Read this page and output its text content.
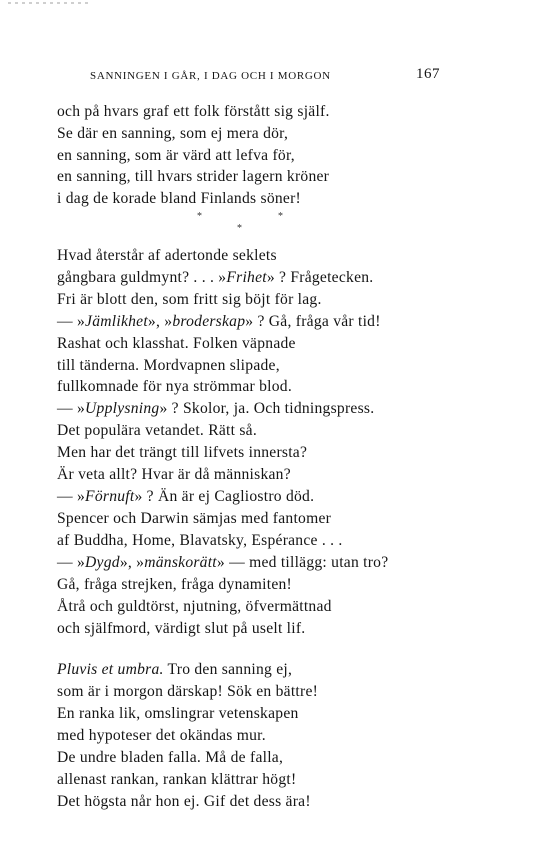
SANNINGEN I GÅR, I DAG OCH I MORGON	167
och på hvars graf ett folk förstått sig själf.
Se där en sanning, som ej mera dör,
en sanning, som är värd att lefva för,
en sanning, till hvars strider lagern kröner
i dag de korade bland Finlands söner!
*	*
*
Hvad återstår af adertonde seklets
gångbara guldmynt? . . . »Frihet» ? Frågetecken.
Fri är blott den, som fritt sig böjt för lag.
— »Jämlikhet», »broderskap» ? Gå, fråga vår tid!
Rashat och klasshat. Folken väpnade
till tänderna. Mordvapnen slipade,
fullkomnade för nya strömmar blod.
— »Upplysning» ? Skolor, ja. Och tidningspress.
Det populära vetandet. Rätt så.
Men har det trängt till lifvets innersta?
Är veta allt? Hvar är då människan?
— »Förnuft» ? Än är ej Cagliostro död.
Spencer och Darwin sämjas med fantomer
af Buddha, Home, Blavatsky, Espérance . . .
— »Dygd», »mänskorätt» — med tillägg: utan tro?
Gå, fråga strejken, fråga dynamiten!
Åtrå och guldtörst, njutning, öfvermättnad
och själfmord, värdigt slut på uselt lif.
Pluvis et umbra. Tro den sanning ej,
som är i morgon därskap! Sök en bättre!
En ranka lik, omslingrar vetenskapen
med hypoteser det okändas mur.
De undre bladen falla. Må de falla,
allenast rankan, rankan klättrar högt!
Det högsta når hon ej. Gif det dess ära!
